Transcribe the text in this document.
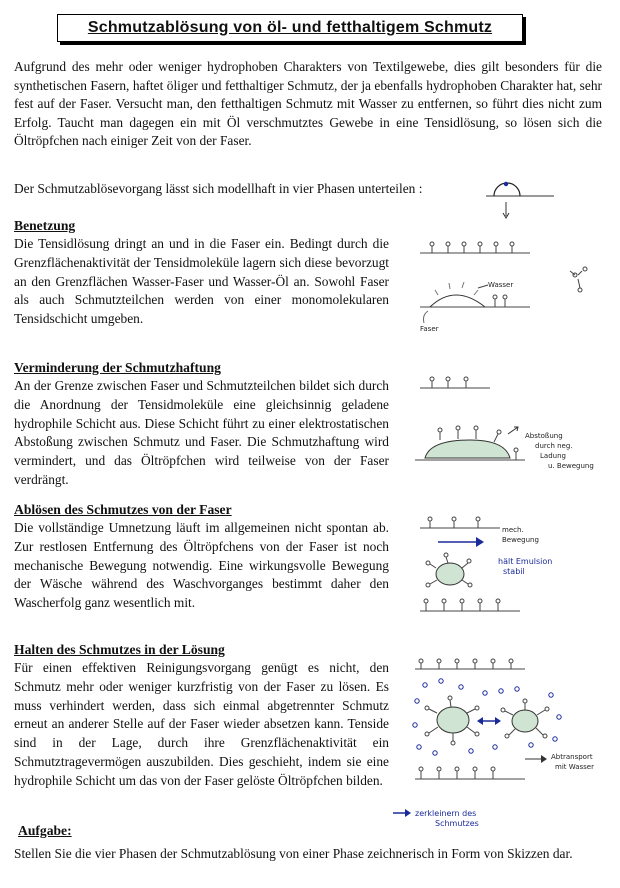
Schmutzablösung von öl- und fetthaltigem Schmutz
Aufgrund des mehr oder weniger hydrophoben Charakters von Textilgewebe, dies gilt besonders für die synthetischen Fasern, haftet öliger und fetthaltiger Schmutz, der ja ebenfalls hydrophoben Charakter hat, sehr fest auf der Faser. Versucht man, den fetthaltigen Schmutz mit Wasser zu entfernen, so führt dies nicht zum Erfolg. Taucht man dagegen ein mit Öl verschmutztes Gewebe in eine Tensidlösung, so lösen sich die Öltröpfchen nach einiger Zeit von der Faser.
Der Schmutzablösevorgang lässt sich modellhaft in vier Phasen unterteilen :
Benetzung
Die Tensidlösung dringt an und in die Faser ein. Bedingt durch die Grenzflächenaktivität der Tensidmoleküle lagern sich diese bevorzugt an den Grenzflächen Wasser-Faser und Wasser-Öl an. Sowohl Faser als auch Schmutzteilchen werden von einer monomolekularen Tensidschicht umgeben.
Wasser
Faser
Verminderung der Schmutzhaftung
An der Grenze zwischen Faser und Schmutzteilchen bildet sich durch die Anordnung der Tensidmoleküle eine gleichsinnig geladene hydrophile Schicht aus. Diese Schicht führt zu einer elektrostatischen Abstoßung zwischen Schmutz und Faser. Die Schmutzhaftung wird vermindert, und das Öltröpfchen wird teilweise von der Faser verdrängt.
Abstoßung
durch neg.
Ladung
u. Bewegung
Ablösen des Schmutzes von der Faser
Die vollständige Umnetzung läuft im allgemeinen nicht spontan ab. Zur restlosen Entfernung des Öltröpfchens von der Faser ist noch mechanische Bewegung notwendig. Eine wirkungsvolle Bewegung der Wäsche während des Waschvorganges bestimmt daher den Wascherfolg ganz wesentlich mit.
mech.
Bewegung
hält Emulsion
stabil
Halten des Schmutzes in der Lösung
Für einen effektiven Reinigungsvorgang genügt es nicht, den Schmutz mehr oder weniger kurzfristig von der Faser zu lösen. Es muss verhindert werden, dass sich einmal abgetrennter Schmutz erneut an anderer Stelle auf der Faser wieder absetzen kann. Tenside sind in der Lage, durch ihre Grenzflächenaktivität ein Schmutztragevermögen auszubilden. Dies geschieht, indem sie eine hydrophile Schicht um das von der Faser gelöste Öltröpfchen bilden.
Abtransport
mit Wasser
zerkleinern des
Schmutzes
Aufgabe:
Stellen Sie die vier Phasen der Schmutzablösung von einer Phase zeichnerisch in Form von Skizzen dar.
